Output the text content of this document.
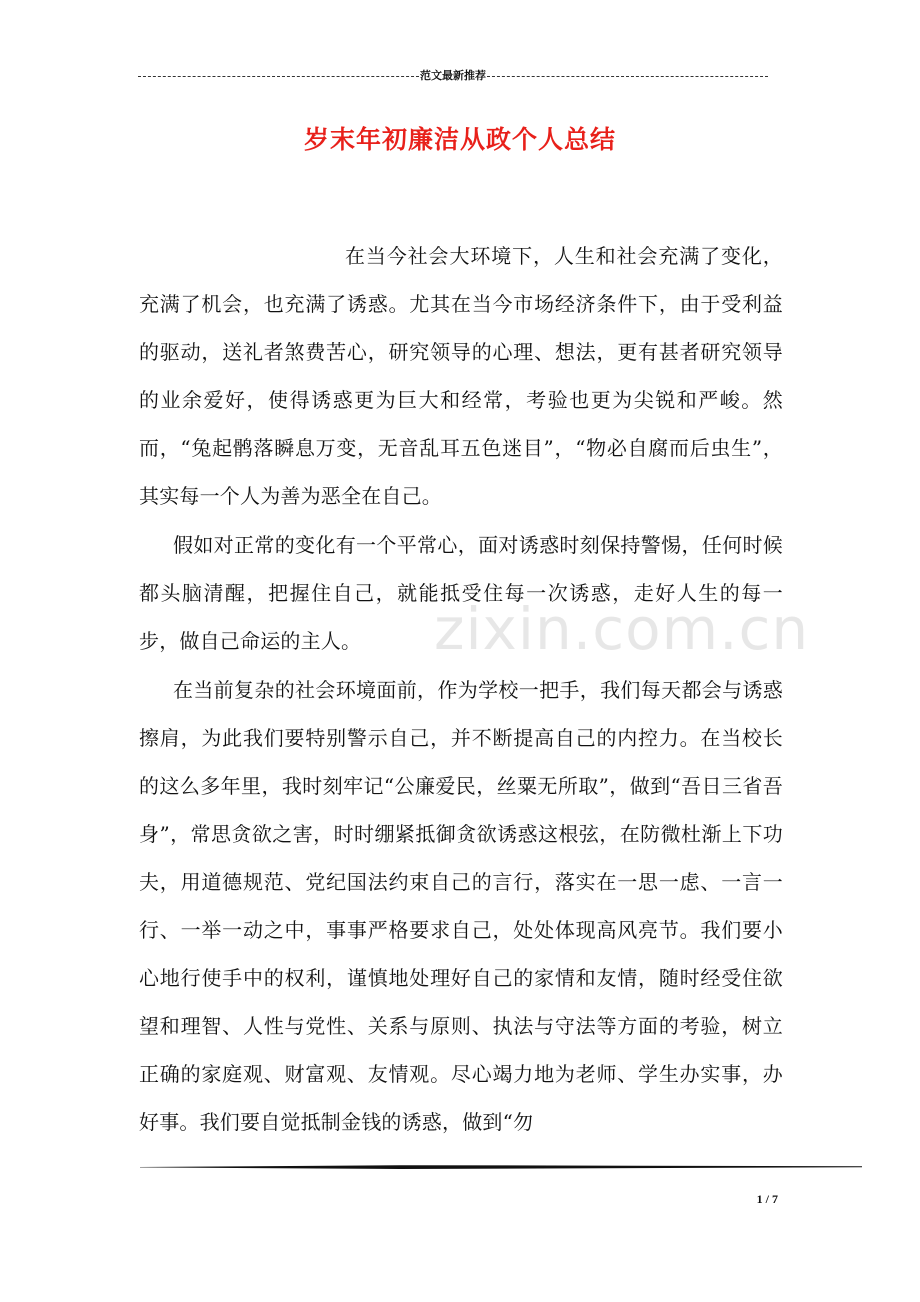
范文最新推荐
岁末年初廉洁从政个人总结

在当今社会大环境下，人生和社会充满了变化，充满了机会，也充满了诱惑。尤其在当今市场经济条件下，由于受利益的驱动，送礼者煞费苦心，研究领导的心理、想法，更有甚者研究领导的业余爱好，使得诱惑更为巨大和经常，考验也更为尖锐和严峻。然而，“兔起鹘落瞬息万变，无音乱耳五色迷目”，“物必自腐而后虫生”，其实每一个人为善为恶全在自己。

假如对正常的变化有一个平常心，面对诱惑时刻保持警惕，任何时候都头脑清醒，把握住自己，就能抵受住每一次诱惑，走好人生的每一步，做自己命运的主人。

在当前复杂的社会环境面前，作为学校一把手，我们每天都会与诱惑擦肩，为此我们要特别警示自己，并不断提高自己的内控力。在当校长的这么多年里，我时刻牢记“公廉爱民，丝粟无所取”，做到“吾日三省吾身”，常思贪欲之害，时时绷紧抵御贪欲诱惑这根弦，在防微杜渐上下功夫，用道德规范、党纪国法约束自己的言行，落实在一思一虑、一言一行、一举一动之中，事事严格要求自己，处处体现高风亮节。我们要小心地行使手中的权利，谨慎地处理好自己的家情和友情，随时经受住欲望和理智、人性与党性、关系与原则、执法与守法等方面的考验，树立正确的家庭观、财富观、友情观。尽心竭力地为老师、学生办实事，办好事。我们要自觉抵制金钱的诱惑，做到“勿

zixin.com.cn
1 / 7
